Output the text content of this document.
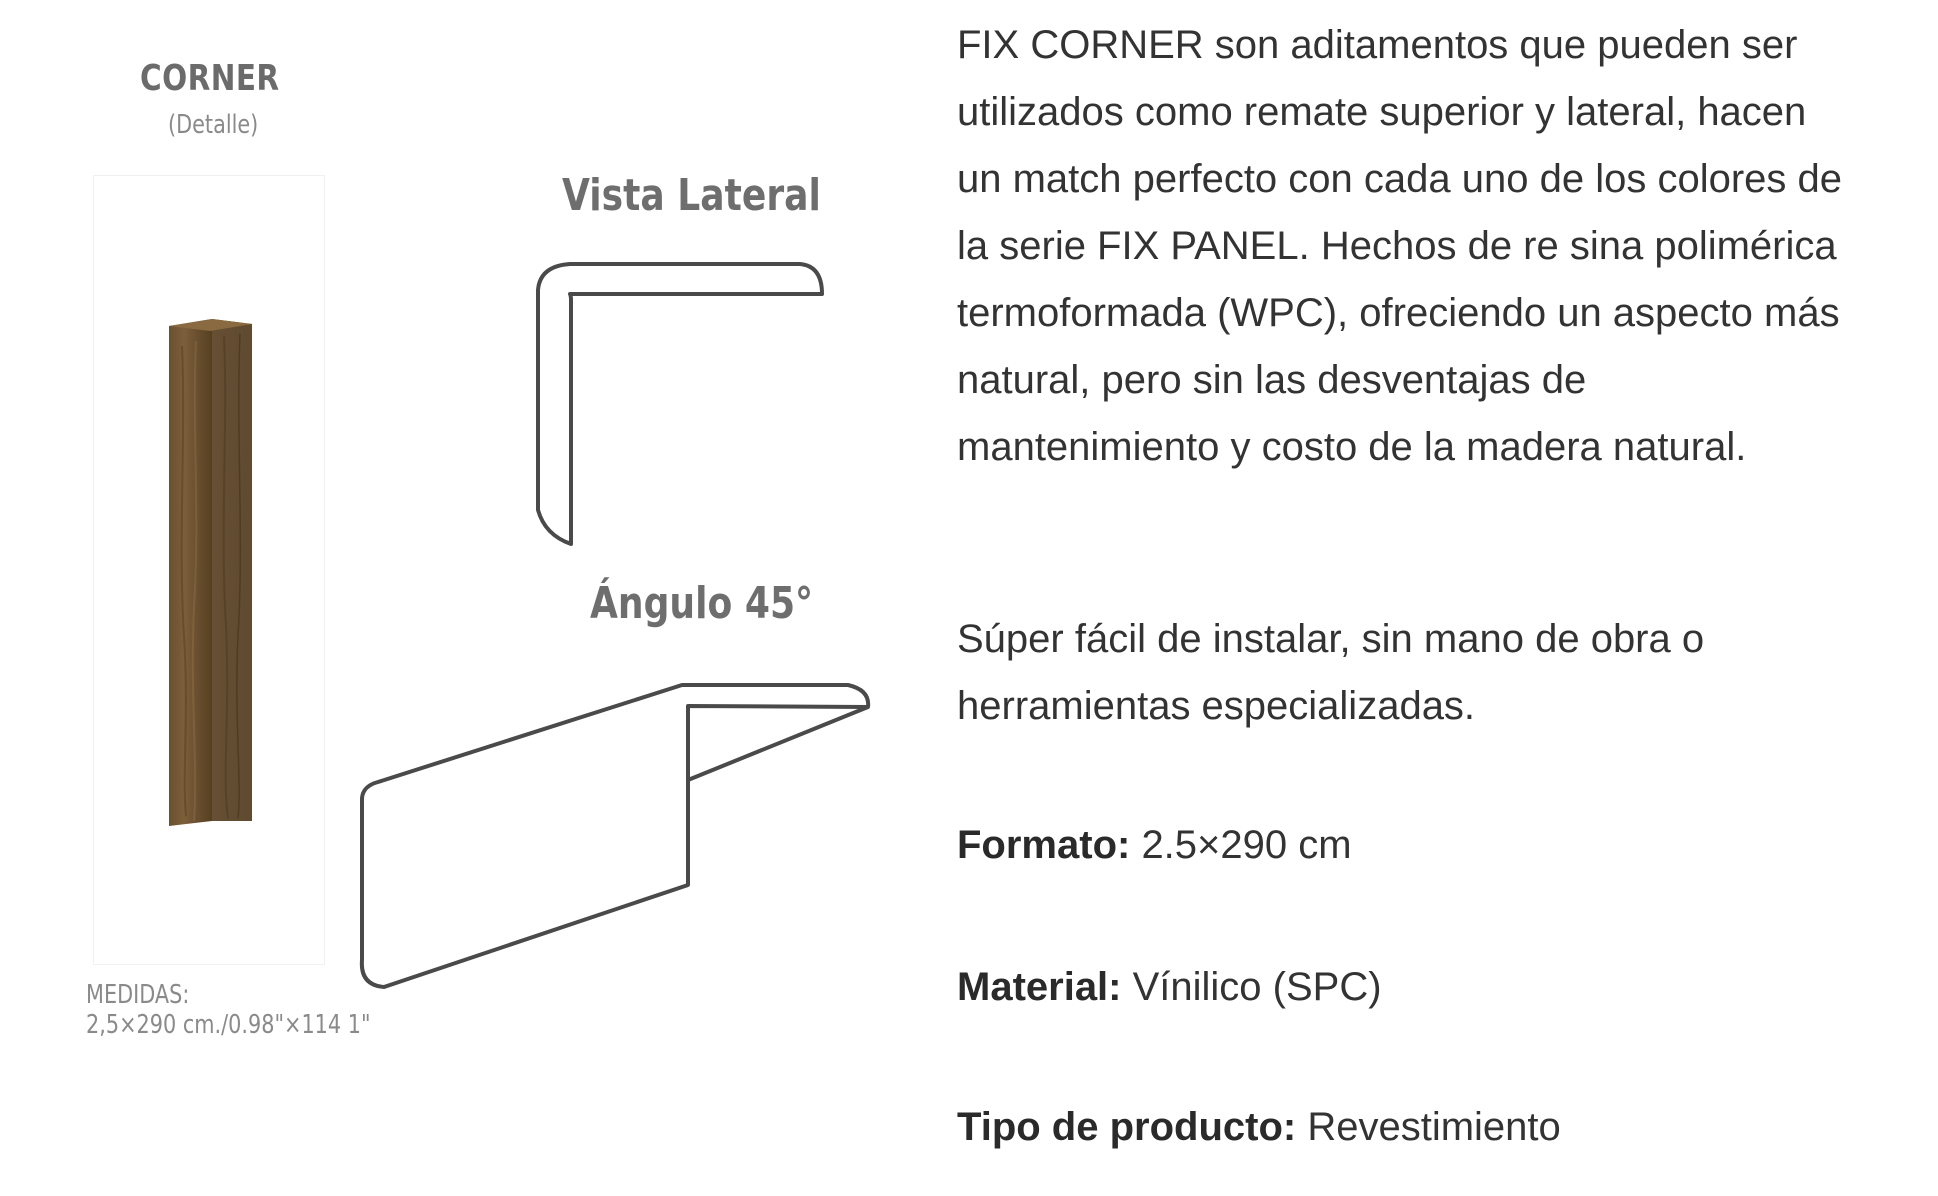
CORNER
(Detalle)
MEDIDAS:
2,5×290 cm./0.98"×114 1"
Vista Lateral
Ángulo 45°

FIX CORNER son aditamentos que pueden ser utilizados como remate superior y lateral, hacen un match perfecto con cada uno de los colores de la serie FIX PANEL. Hechos de re sina polimérica termoformada (WPC), ofreciendo un aspecto más natural, pero sin las desventajas de mantenimiento y costo de la madera natural.

Súper fácil de instalar, sin mano de obra o herramientas especializadas.

Formato: 2.5×290 cm
Material: Vínilico (SPC)
Tipo de producto: Revestimiento
